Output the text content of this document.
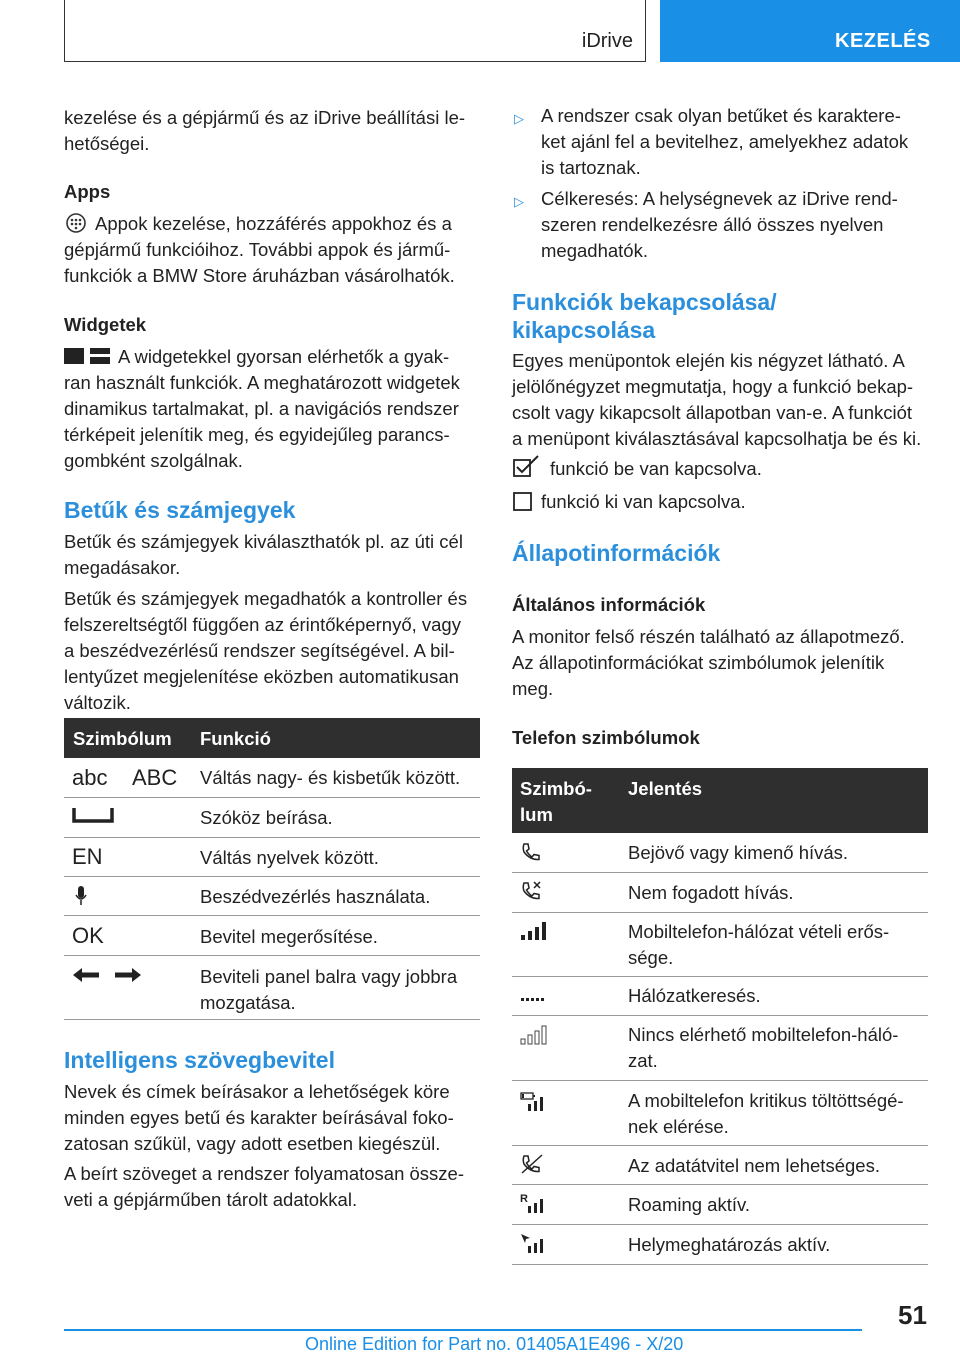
iDrive	KEZELÉS
kezelése és a gépjármű és az iDrive beállítási le-
hetőségei.
Apps
Appok kezelése, hozzáférés appokhoz és a
gépjármű funkcióihoz. További appok és jármű-
funkciók a BMW Store áruházban vásárolhatók.
Widgetek
A widgetekkel gyorsan elérhetők a gyak-
ran használt funkciók. A meghatározott widgetek
dinamikus tartalmakat, pl. a navigációs rendszer
térképeit jelenítik meg, és egyidejűleg parancs-
gombként szolgálnak.
Betűk és számjegyek
Betűk és számjegyek kiválaszthatók pl. az úti cél
megadásakor.
Betűk és számjegyek megadhatók a kontroller és
felszereltségtől függően az érintőképernyő, vagy
a beszédvezérlésű rendszer segítségével. A bil-
lentyűzet megjelenítése eközben automatikusan
változik.
Szimbólum Funkció
abc ABC Váltás nagy- és kisbetűk között.
Szóköz beírása.
EN	Váltás nyelvek között.
Beszédvezérlés használata.
OK	Bevitel megerősítése.
Beviteli panel balra vagy jobbra
mozgatása.
Intelligens szövegbevitel
Nevek és címek beírásakor a lehetőségek köre
minden egyes betű és karakter beírásával foko-
zatosan szűkül, vagy adott esetben kiegészül.
A beírt szöveget a rendszer folyamatosan össze-
veti a gépjárműben tárolt adatokkal.
▷ A rendszer csak olyan betűket és karaktere-
ket ajánl fel a bevitelhez, amelyekhez adatok
is tartoznak.
▷ Célkeresés: A helységnevek az iDrive rend-
szeren rendelkezésre álló összes nyelven
megadhatók.
Funkciók bekapcsolása/
kikapcsolása
Egyes menüpontok elején kis négyzet látható. A
jelölőnégyzet megmutatja, hogy a funkció bekap-
csolt vagy kikapcsolt állapotban van-e. A funkciót
a menüpont kiválasztásával kapcsolhatja be és ki.
funkció be van kapcsolva.
funkció ki van kapcsolva.
Állapotinformációk
Általános információk
A monitor felső részén található az állapotmező.
Az állapotinformációkat szimbólumok jelenítik
meg.
Telefon szimbólumok
Szimbó-
lum
Jelentés
Bejövő vagy kimenő hívás.
Nem fogadott hívás.
Mobiltelefon-hálózat vételi erős-
sége.
Hálózatkeresés.
Nincs elérhető mobiltelefon-háló-
zat.
A mobiltelefon kritikus töltöttségé-
nek elérése.
Az adatátvitel nem lehetséges.
R	Roaming aktív.
Helymeghatározás aktív.
51
Online Edition for Part no. 01405A1E496 - X/20
